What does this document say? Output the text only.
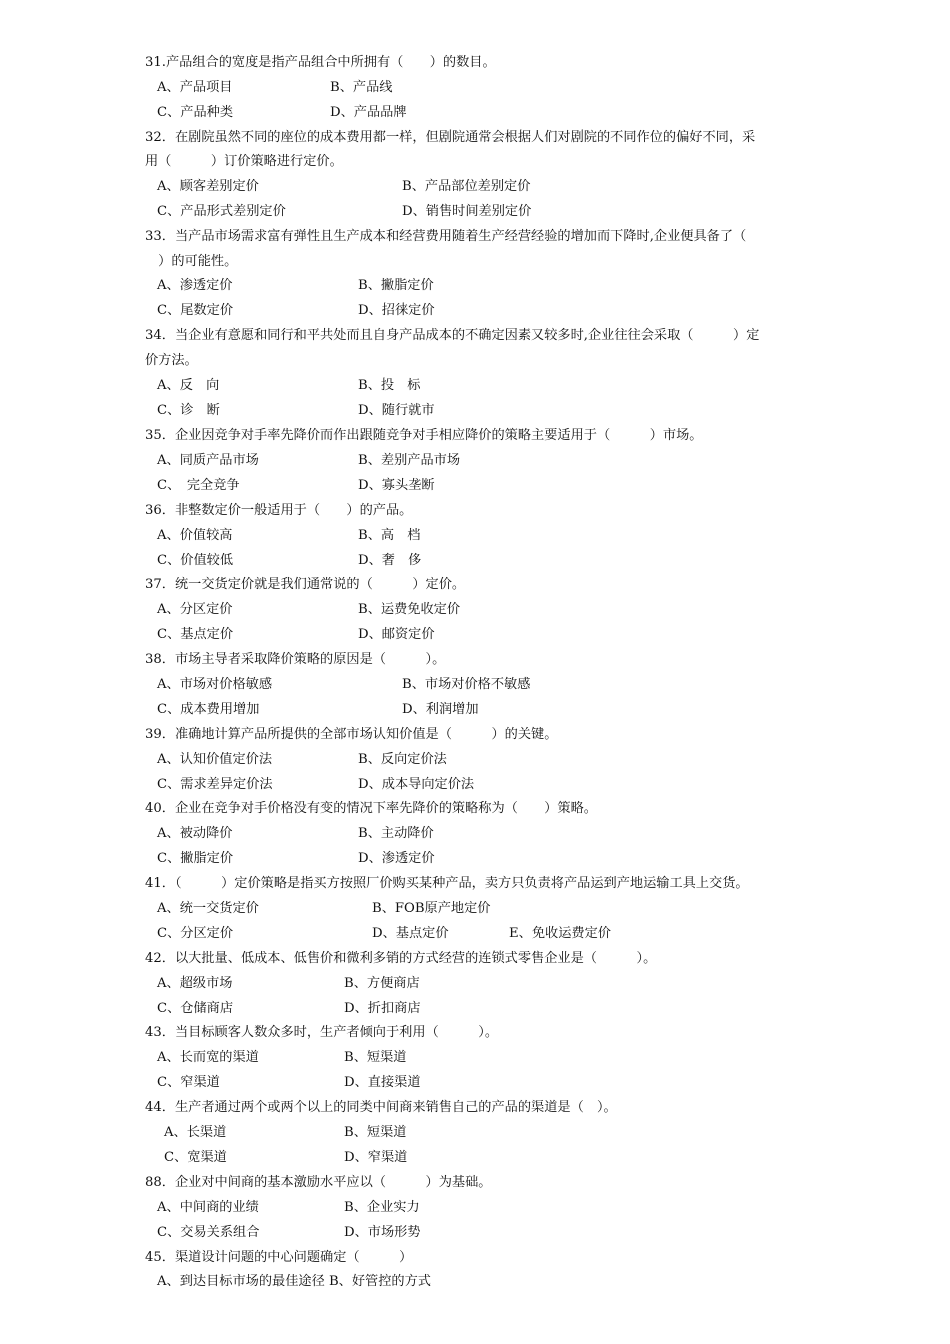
31.产品组合的宽度是指产品组合中所拥有（　　）的数目。
A、产品项目	B、产品线
C、产品种类	D、产品品牌
32．在剧院虽然不同的座位的成本费用都一样，但剧院通常会根据人们对剧院的不同作位的偏好不同，采
用（　　　）订价策略进行定价。
A、顾客差别定价	B、产品部位差别定价
C、产品形式差别定价	D、销售时间差别定价
33．当产品市场需求富有弹性且生产成本和经营费用随着生产经营经验的增加而下降时,企业便具备了（
　）的可能性。
A、渗透定价	B、撇脂定价
C、尾数定价	D、招徕定价
34．当企业有意愿和同行和平共处而且自身产品成本的不确定因素又较多时,企业往往会采取（　　　）定
价方法。
A、反　向	B、投　标
C、诊　断	D、随行就市
35．企业因竞争对手率先降价而作出跟随竞争对手相应降价的策略主要适用于（　　　）市场。
A、同质产品市场	B、差别产品市场
C、　完全竞争	D、寡头垄断
36．非整数定价一般适用于（　　）的产品。
A、价值较高	B、高　档
C、价值较低	D、奢　侈
37．统一交货定价就是我们通常说的（　　　）定价。
A、分区定价	B、运费免收定价
C、基点定价	D、邮资定价
38．市场主导者采取降价策略的原因是（　　　）。
A、市场对价格敏感	B、市场对价格不敏感
C、成本费用增加	D、利润增加
39．准确地计算产品所提供的全部市场认知价值是（　　　）的关键。
A、认知价值定价法	B、反向定价法
C、需求差异定价法	D、成本导向定价法
40．企业在竞争对手价格没有变的情况下率先降价的策略称为（　　）策略。
A、被动降价	B、主动降价
C、撇脂定价	D、渗透定价
41．（　　　）定价策略是指买方按照厂价购买某种产品，卖方只负责将产品运到产地运输工具上交货。
A、统一交货定价	B、FOB原产地定价
C、分区定价	D、基点定价	E、免收运费定价
42．以大批量、低成本、低售价和微利多销的方式经营的连锁式零售企业是（　　　）。
A、超级市场	B、方便商店
C、仓储商店	D、折扣商店
43．当目标顾客人数众多时，生产者倾向于利用（　　　）。
A、长而宽的渠道	B、短渠道
C、窄渠道	D、直接渠道
44．生产者通过两个或两个以上的同类中间商来销售自己的产品的渠道是（　）。
A、长渠道	B、短渠道
C、宽渠道	D、窄渠道
88．企业对中间商的基本激励水平应以（　　　）为基础。
A、中间商的业绩	B、企业实力
C、交易关系组合	D、市场形势
45．渠道设计问题的中心问题确定（　　　）
A、到达目标市场的最佳途径 B、好管控的方式
